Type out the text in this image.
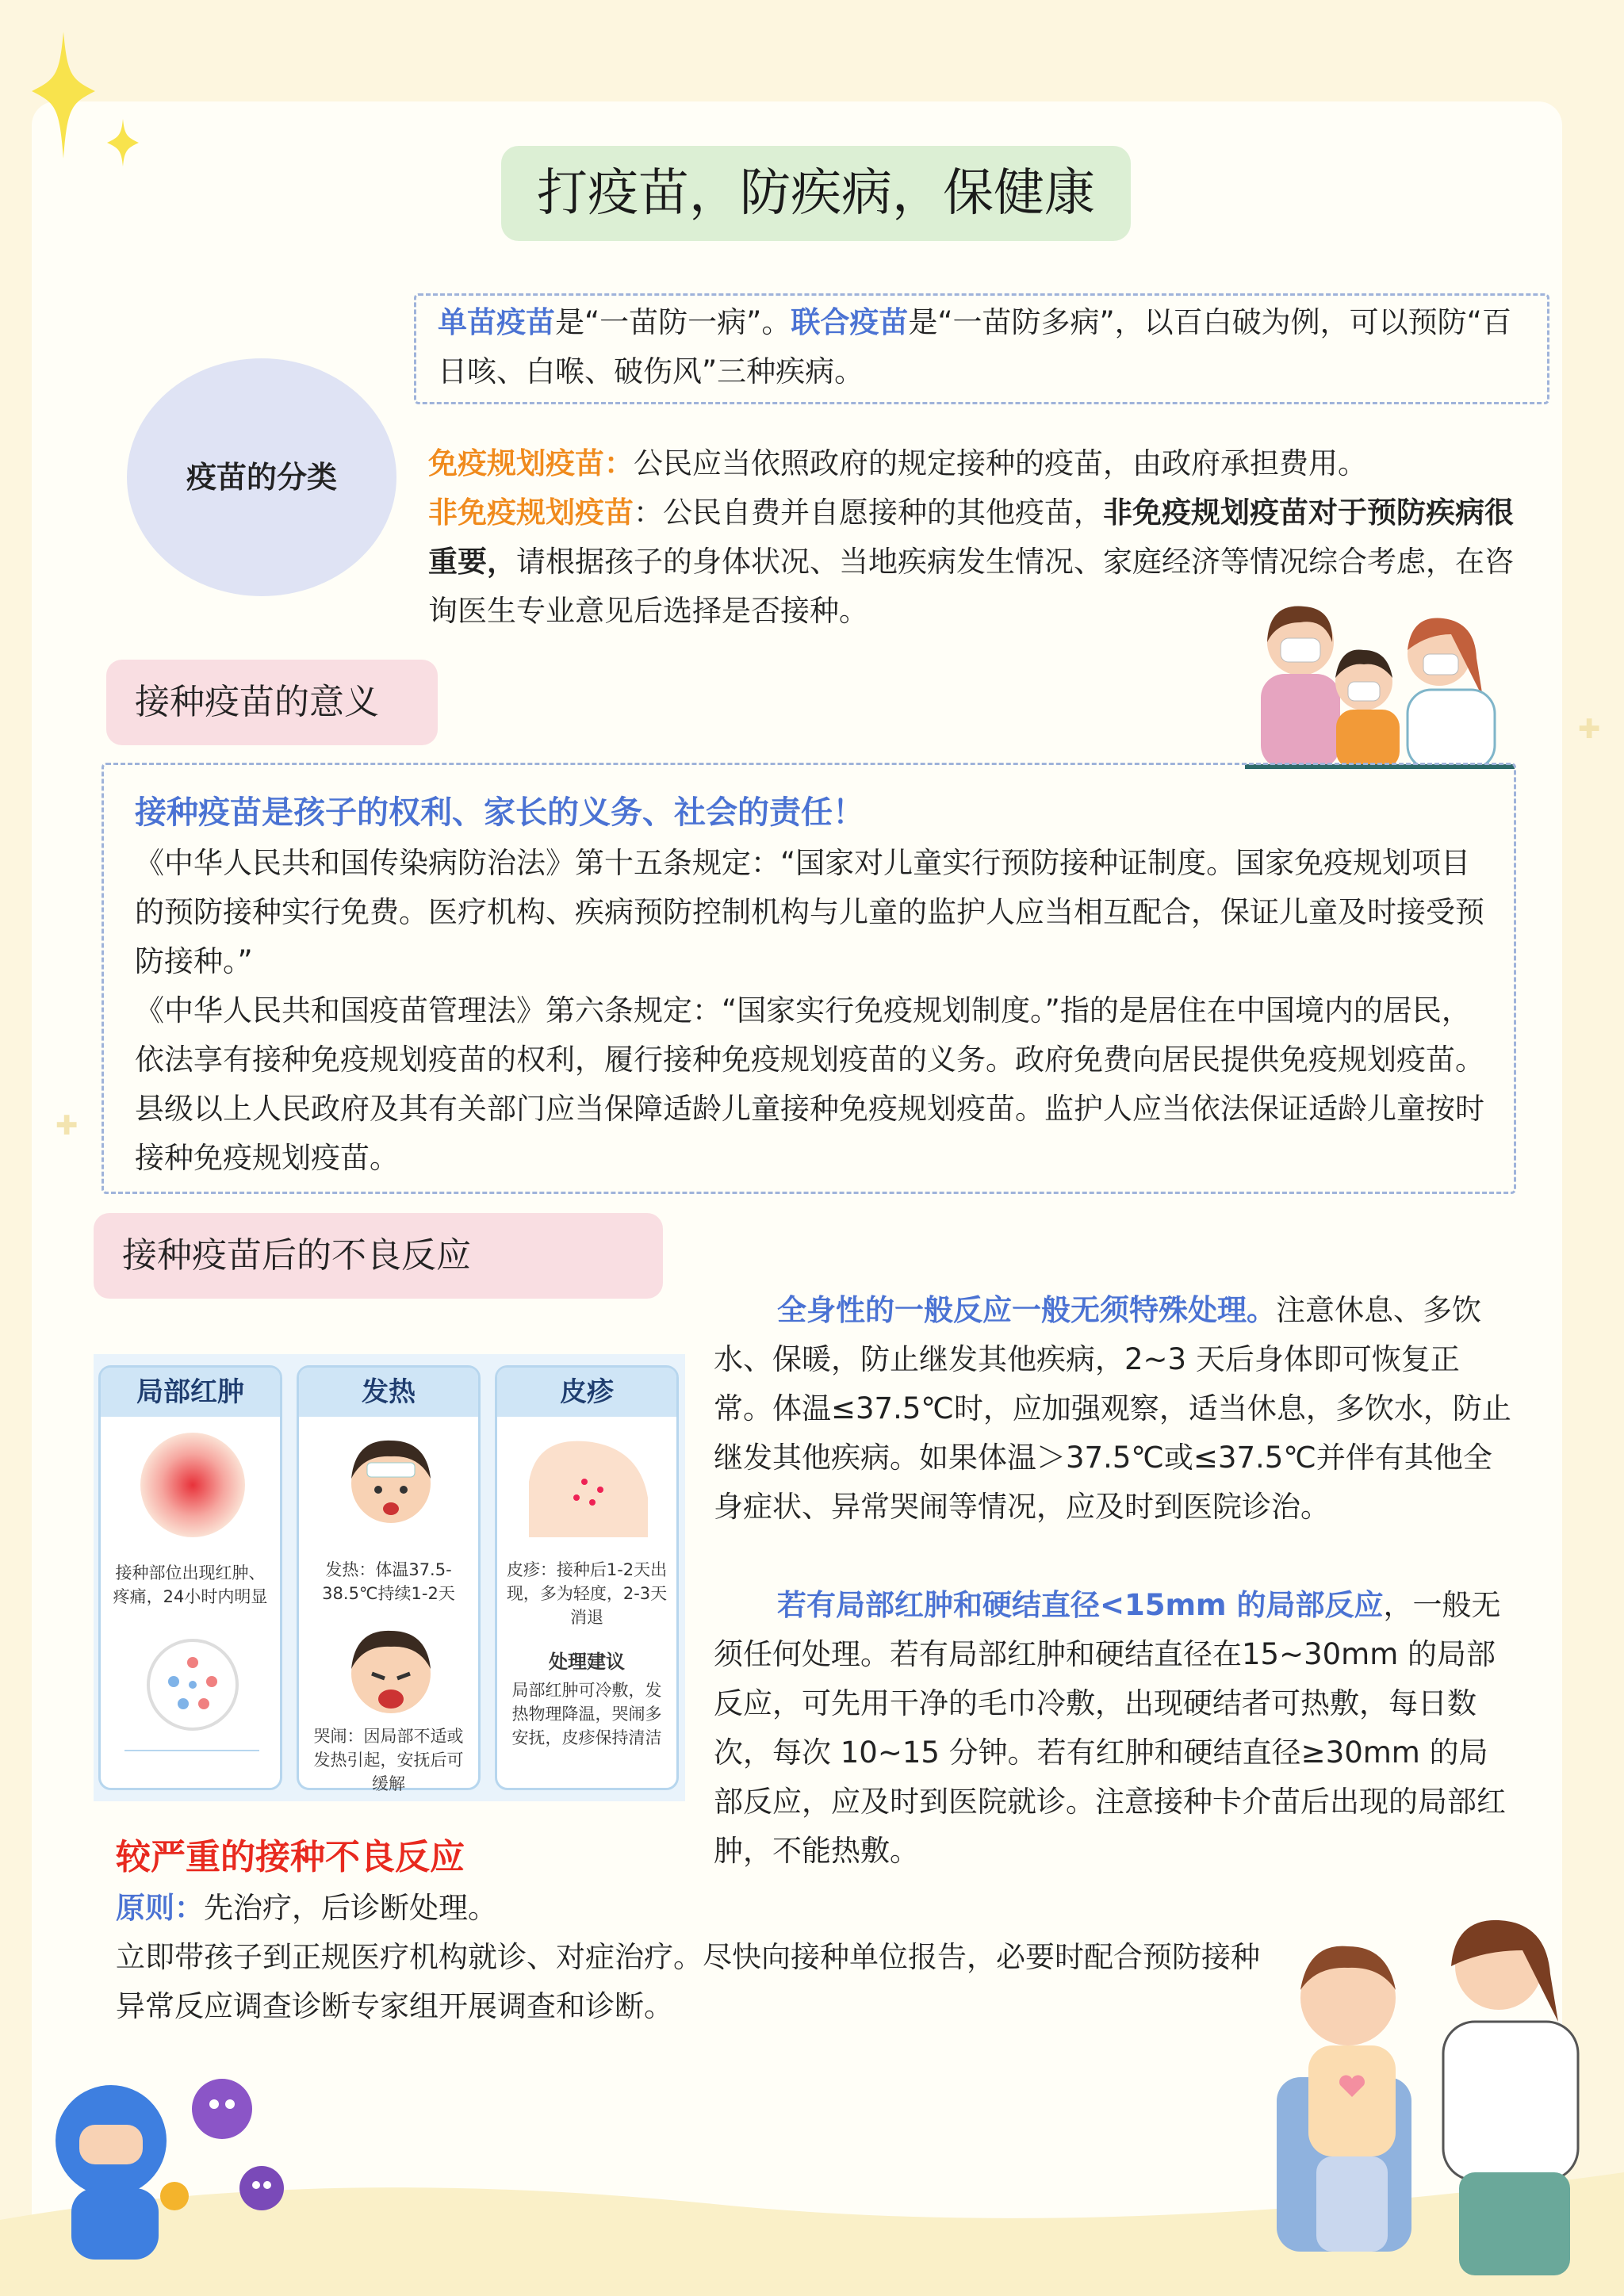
✚
✚
打疫苗，防疾病，保健康
疫苗的分类
单苗疫苗是“一苗防一病”。联合疫苗是“一苗防多病”，以百白破为例，可以预防“百日咳、白喉、破伤风”三种疾病。
免疫规划疫苗：公民应当依照政府的规定接种的疫苗，由政府承担费用。
非免疫规划疫苗：公民自费并自愿接种的其他疫苗，非免疫规划疫苗对于预防疾病很重要，请根据孩子的身体状况、当地疾病发生情况、家庭经济等情况综合考虑，在咨询医生专业意见后选择是否接种。
接种疫苗的意义
接种疫苗是孩子的权利、家长的义务、社会的责任！
《中华人民共和国传染病防治法》第十五条规定：“国家对儿童实行预防接种证制度。国家免疫规划项目的预防接种实行免费。医疗机构、疾病预防控制机构与儿童的监护人应当相互配合，保证儿童及时接受预防接种。”
《中华人民共和国疫苗管理法》第六条规定：“国家实行免疫规划制度。”指的是居住在中国境内的居民，依法享有接种免疫规划疫苗的权利，履行接种免疫规划疫苗的义务。政府免费向居民提供免疫规划疫苗。县级以上人民政府及其有关部门应当保障适龄儿童接种免疫规划疫苗。监护人应当依法保证适龄儿童按时接种免疫规划疫苗。
接种疫苗后的不良反应
全身性的一般反应一般无须特殊处理。注意休息、多饮水、保暖，防止继发其他疾病，2~3 天后身体即可恢复正常。体温≤37.5℃时，应加强观察，适当休息，多饮水，防止继发其他疾病。如果体温＞37.5℃或≤37.5℃并伴有其他全身症状、异常哭闹等情况，应及时到医院诊治。
若有局部红肿和硬结直径<15mm 的局部反应，一般无须任何处理。若有局部红肿和硬结直径在15~30mm 的局部反应，可先用干净的毛巾冷敷，出现硬结者可热敷，每日数次，每次 10~15 分钟。若有红肿和硬结直径≥30mm 的局部反应，应及时到医院就诊。注意接种卡介苗后出现的局部红肿，不能热敷。
局部红肿
接种部位出现红肿、疼痛，24小时内明显
发热
发热：体温37.5-38.5℃持续1-2天
哭闹：因局部不适或发热引起，安抚后可缓解
皮疹
皮疹：接种后1-2天出现，多为轻度，2-3天消退
处理建议
局部红肿可冷敷，发热物理降温，哭闹多安抚，皮疹保持清洁
较严重的接种不良反应
原则：先治疗，后诊断处理。
立即带孩子到正规医疗机构就诊、对症治疗。尽快向接种单位报告，必要时配合预防接种异常反应调查诊断专家组开展调查和诊断。
